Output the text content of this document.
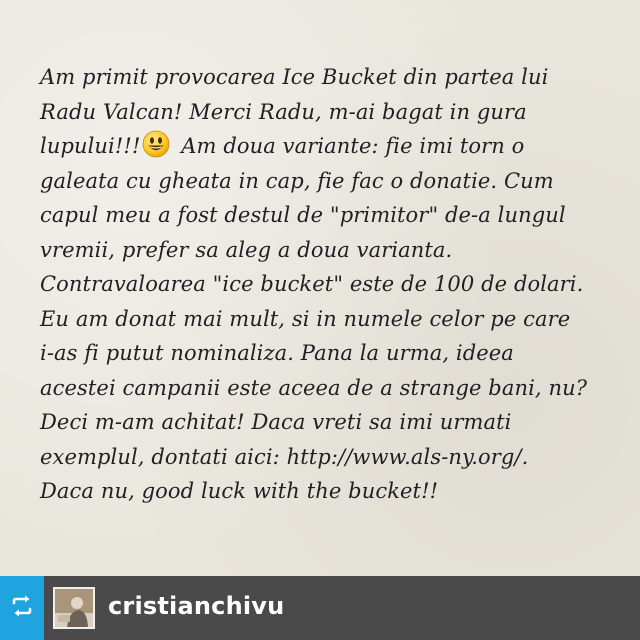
Am primit provocarea Ice Bucket din partea lui
Radu Valcan! Merci Radu, m-ai bagat in gura
lupului!!! Am doua variante: fie imi torn o
galeata cu gheata in cap, fie fac o donatie. Cum
capul meu a fost destul de "primitor" de-a lungul
vremii, prefer sa aleg a doua varianta.
Contravaloarea "ice bucket" este de 100 de dolari.
Eu am donat mai mult, si in numele celor pe care
i-as fi putut nominaliza. Pana la urma, ideea
acestei campanii este aceea de a strange bani, nu?
Deci m-am achitat! Daca vreti sa imi urmati
exemplul, dontati aici: http://www.als-ny.org/.
Daca nu, good luck with the bucket!!
cristianchivu
